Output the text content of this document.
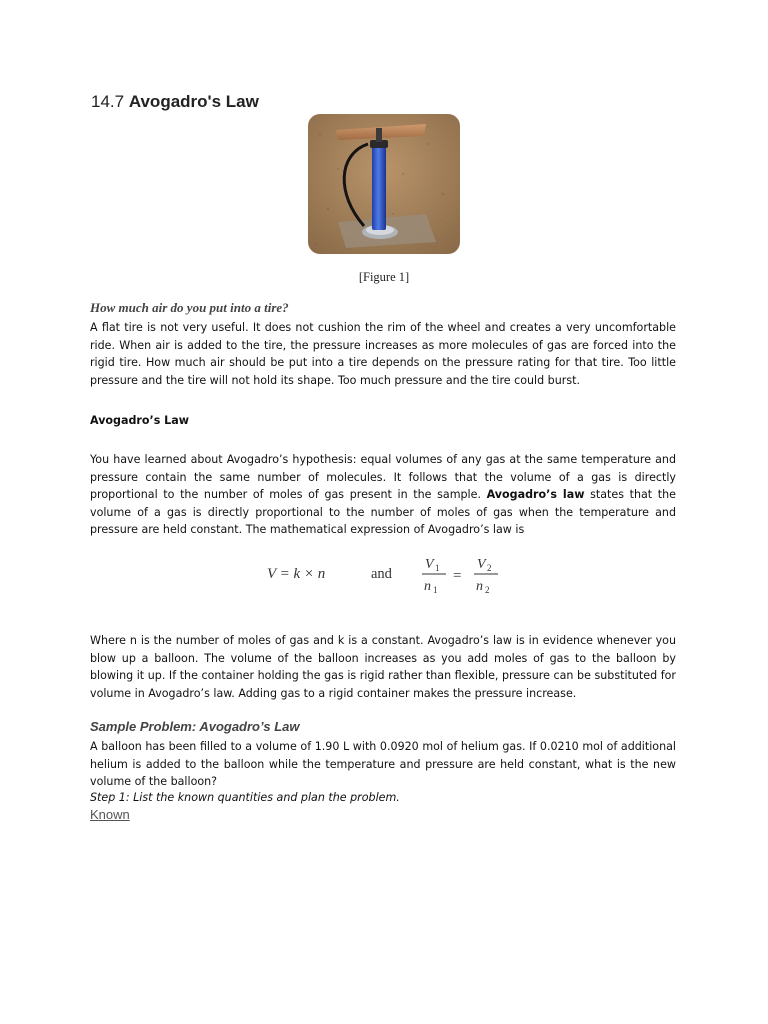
14.7 Avogadro's Law
[Figure 1]
How much air do you put into a tire?
A flat tire is not very useful. It does not cushion the rim of the wheel and creates a very uncomfortable ride. When air is added to the tire, the pressure increases as more molecules of gas are forced into the rigid tire. How much air should be put into a tire depends on the pressure rating for that tire. Too little pressure and the tire will not hold its shape. Too much pressure and the tire could burst.
Avogadro’s Law
You have learned about Avogadro’s hypothesis: equal volumes of any gas at the same temperature and pressure contain the same number of molecules. It follows that the volume of a gas is directly proportional to the number of moles of gas present in the sample. Avogadro’s law states that the volume of a gas is directly proportional to the number of moles of gas when the temperature and pressure are held constant. The mathematical expression of Avogadro’s law is
V = k × n	and
V 1
n 1
=
V 2
n 2
Where n is the number of moles of gas and k is a constant. Avogadro’s law is in evidence whenever you blow up a balloon. The volume of the balloon increases as you add moles of gas to the balloon by blowing it up. If the container holding the gas is rigid rather than flexible, pressure can be substituted for volume in Avogadro’s law. Adding gas to a rigid container makes the pressure increase.
Sample Problem: Avogadro’s Law
A balloon has been filled to a volume of 1.90 L with 0.0920 mol of helium gas. If 0.0210 mol of additional helium is added to the balloon while the temperature and pressure are held constant, what is the new volume of the balloon?
Step 1: List the known quantities and plan the problem.
Known
